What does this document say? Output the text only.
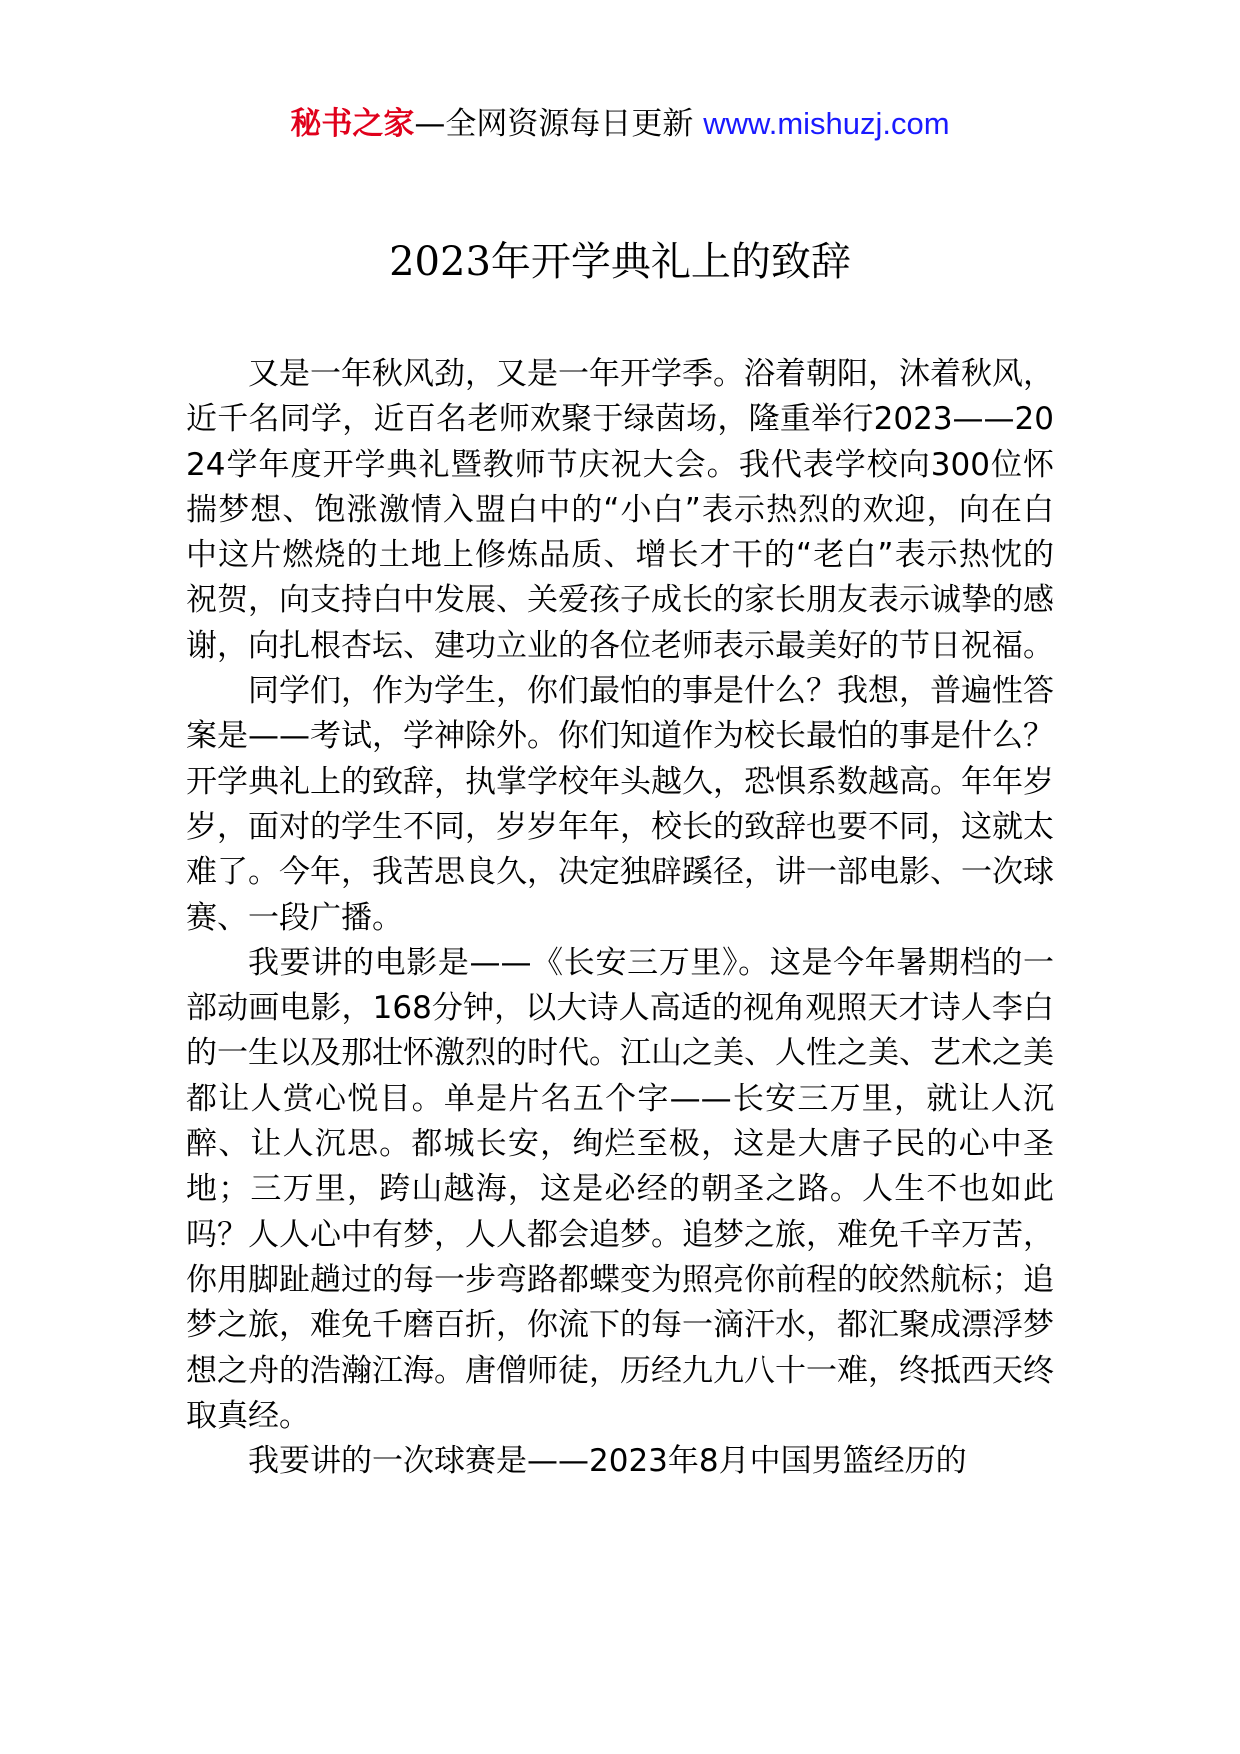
秘书之家—全网资源每日更新 www.mishuzj.com
2023年开学典礼上的致辞

又是一年秋风劲，又是一年开学季。浴着朝阳，沐着秋风，近千名同学，近百名老师欢聚于绿茵场，隆重举行2023——2024学年度开学典礼暨教师节庆祝大会。我代表学校向300位怀揣梦想、饱涨激情入盟白中的“小白”表示热烈的欢迎，向在白中这片燃烧的土地上修炼品质、增长才干的“老白”表示热忱的祝贺，向支持白中发展、关爱孩子成长的家长朋友表示诚挚的感谢，向扎根杏坛、建功立业的各位老师表示最美好的节日祝福。

同学们，作为学生，你们最怕的事是什么？我想，普遍性答案是——考试，学神除外。你们知道作为校长最怕的事是什么？开学典礼上的致辞，执掌学校年头越久，恐惧系数越高。年年岁岁，面对的学生不同，岁岁年年，校长的致辞也要不同，这就太难了。今年，我苦思良久，决定独辟蹊径，讲一部电影、一次球赛、一段广播。

我要讲的电影是——《长安三万里》。这是今年暑期档的一部动画电影，168分钟，以大诗人高适的视角观照天才诗人李白的一生以及那壮怀激烈的时代。江山之美、人性之美、艺术之美都让人赏心悦目。单是片名五个字——长安三万里，就让人沉醉、让人沉思。都城长安，绚烂至极，这是大唐子民的心中圣地；三万里，跨山越海，这是必经的朝圣之路。人生不也如此吗？人人心中有梦，人人都会追梦。追梦之旅，难免千辛万苦，你用脚趾趟过的每一步弯路都蝶变为照亮你前程的皎然航标；追梦之旅，难免千磨百折，你流下的每一滴汗水，都汇聚成漂浮梦想之舟的浩瀚江海。唐僧师徒，历经九九八十一难，终抵西天终取真经。

我要讲的一次球赛是——2023年8月中国男篮经历的
